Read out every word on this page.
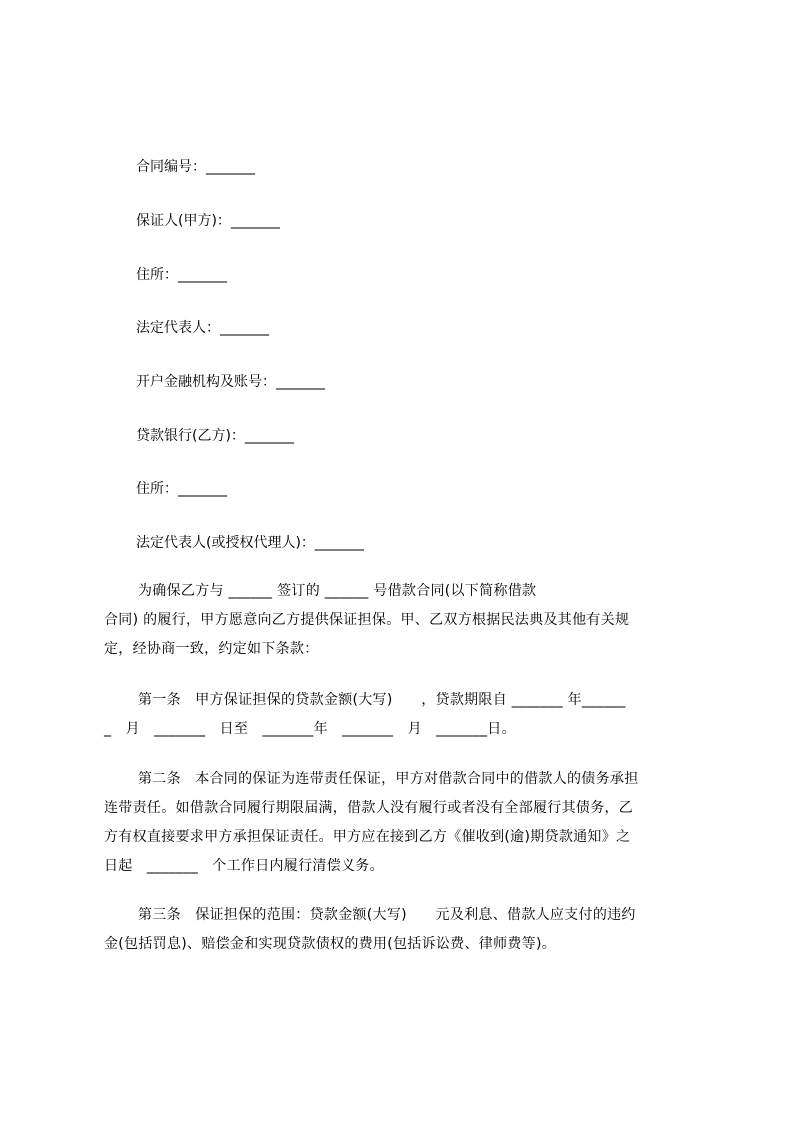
合同编号：_______
保证人(甲方)：_______
住所：_______
法定代表人：_______
开户金融机构及账号：_______
贷款银行(乙方)：_______
住所：_______
法定代表人(或授权代理人)：_______
为确保乙方与 ______ 签订的 ______ 号借款合同(以下简称借款
合同) 的履行，甲方愿意向乙方提供保证担保。甲、乙双方根据民法典及其他有关规
定，经协商一致，约定如下条款：
第一条　甲方保证担保的贷款金额(大写)　　，贷款期限自 _______ 年______
_　月　_______　日至　_______年　_______　月　_______日。
第二条　本合同的保证为连带责任保证，甲方对借款合同中的借款人的债务承担
连带责任。如借款合同履行期限届满，借款人没有履行或者没有全部履行其债务，乙
方有权直接要求甲方承担保证责任。甲方应在接到乙方《催收到(逾)期贷款通知》之
日起　_______　个工作日内履行清偿义务。
第三条　保证担保的范围：贷款金额(大写)　　元及利息、借款人应支付的违约
金(包括罚息)、赔偿金和实现贷款债权的费用(包括诉讼费、律师费等)。
